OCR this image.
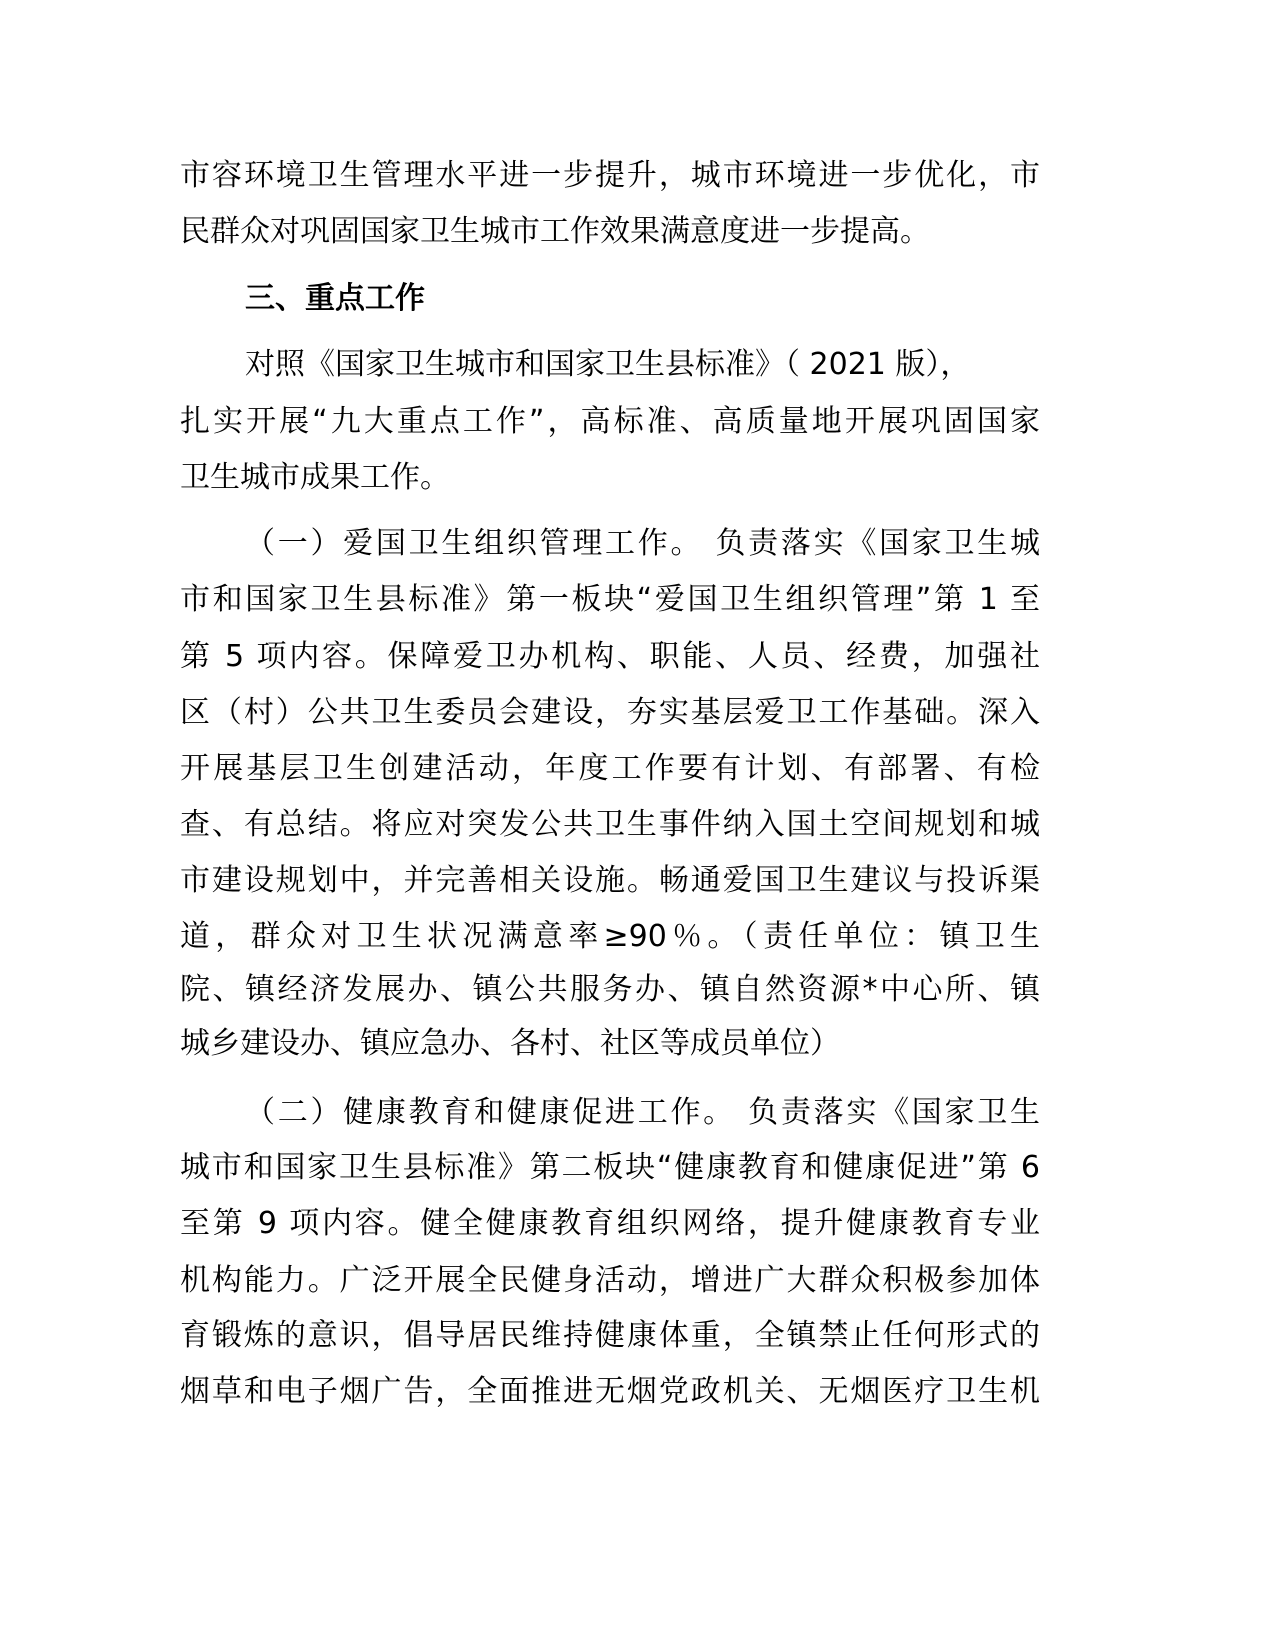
市容环境卫生管理水平进一步提升，城市环境进一步优化，市
民群众对巩固国家卫生城市工作效果满意度进一步提高。
三、重点工作
对照《国家卫生城市和国家卫生县标准》（ 2021 版），
扎实开展“九大重点工作”，高标准、高质量地开展巩固国家
卫生城市成果工作。
（一）爱国卫生组织管理工作。 负责落实《国家卫生城
市和国家卫生县标准》第一板块“爱国卫生组织管理”第 1 至
第 5 项内容。保障爱卫办机构、职能、人员、经费，加强社
区（村）公共卫生委员会建设，夯实基层爱卫工作基础。深入
开展基层卫生创建活动，年度工作要有计划、有部署、有检
查、有总结。将应对突发公共卫生事件纳入国土空间规划和城
市建设规划中，并完善相关设施。畅通爱国卫生建议与投诉渠
道，群众对卫生状况满意率≥90％。（责任单位：镇卫生
院、镇经济发展办、镇公共服务办、镇自然资源*中心所、镇
城乡建设办、镇应急办、各村、社区等成员单位）
（二）健康教育和健康促进工作。 负责落实《国家卫生
城市和国家卫生县标准》第二板块“健康教育和健康促进”第 6
至第 9 项内容。健全健康教育组织网络，提升健康教育专业
机构能力。广泛开展全民健身活动，增进广大群众积极参加体
育锻炼的意识，倡导居民维持健康体重，全镇禁止任何形式的
烟草和电子烟广告，全面推进无烟党政机关、无烟医疗卫生机
